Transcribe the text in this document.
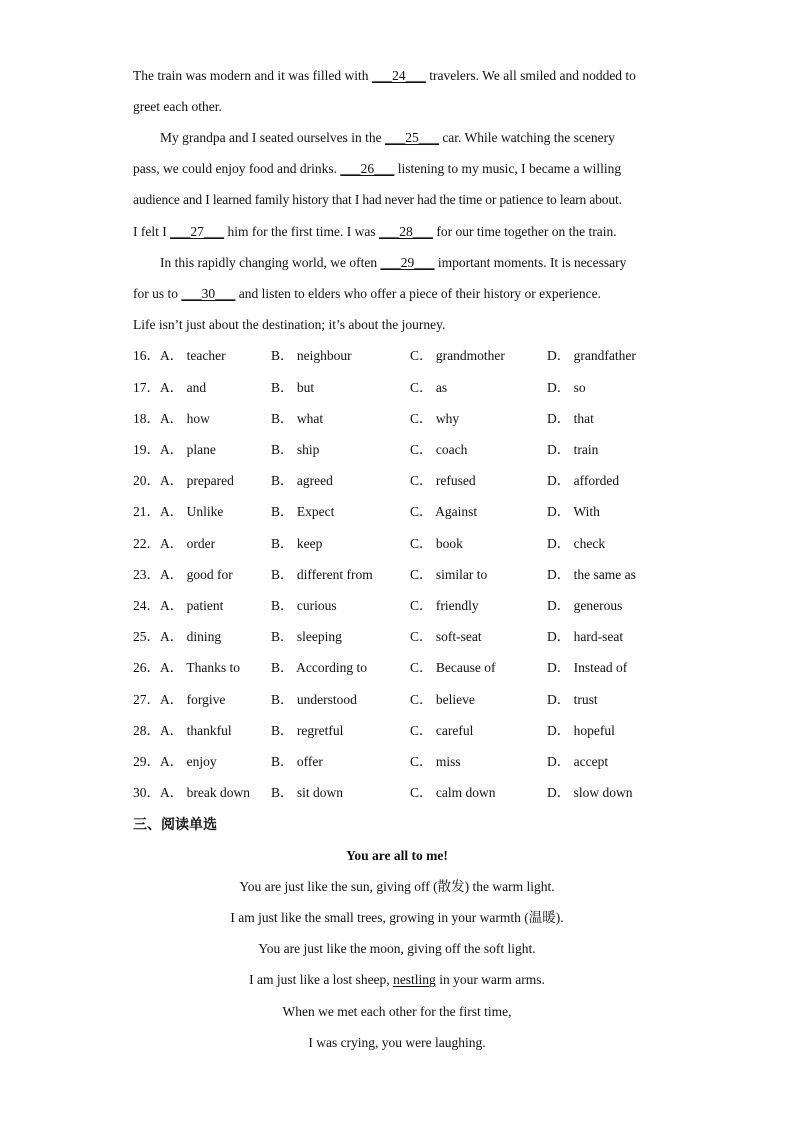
The train was modern and it was filled with ___24___ travelers. We all smiled and nodded to
greet each other.
My grandpa and I seated ourselves in the ___25___ car. While watching the scenery
pass, we could enjoy food and drinks. ___26___ listening to my music, I became a willing
audience and I learned family history that I had never had the time or patience to learn about.
I felt I ___27___ him for the first time. I was ___28___ for our time together on the train.
In this rapidly changing world, we often ___29___ important moments. It is necessary
for us to ___30___ and listen to elders who offer a piece of their history or experience.
Life isn’t just about the destination; it’s about the journey.
16．A． teacher	B． neighbour	C． grandmother	D． grandfather
17．A． and	B． but	C． as	D． so
18．A． how	B． what	C． why	D． that
19．A． plane	B． ship	C． coach	D． train
20．A． prepared	B． agreed	C． refused	D． afforded
21．A． Unlike	B． Expect	C． Against	D． With
22．A． order	B． keep	C． book	D． check
23．A． good for	B． different from	C． similar to	D． the same as
24．A． patient	B． curious	C． friendly	D． generous
25．A． dining	B． sleeping	C． soft-seat	D． hard-seat
26．A． Thanks to B． According to	C． Because of	D． Instead of
27．A． forgive	B． understood	C． believe	D． trust
28．A． thankful	B． regretful	C． careful	D． hopeful
29．A． enjoy	B． offer	C． miss	D． accept
30．A． break down B． sit down	C． calm down	D． slow down
三、阅读单选
You are all to me!
You are just like the sun, giving off (散发) the warm light.
I am just like the small trees, growing in your warmth (温暖).
You are just like the moon, giving off the soft light.
I am just like a lost sheep, nestling in your warm arms.
When we met each other for the first time,
I was crying, you were laughing.
